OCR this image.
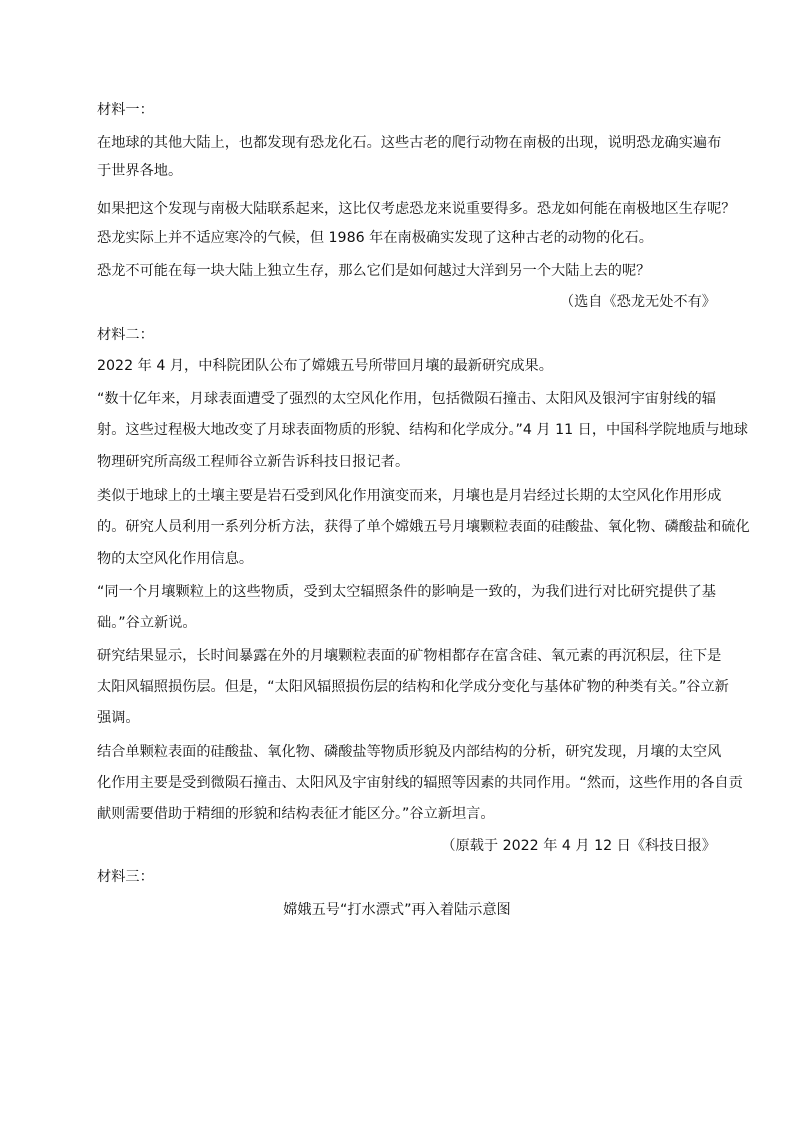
材料一：
在地球的其他大陆上，也都发现有恐龙化石。这些古老的爬行动物在南极的出现，说明恐龙确实遍布
于世界各地。
如果把这个发现与南极大陆联系起来，这比仅考虑恐龙来说重要得多。恐龙如何能在南极地区生存呢？
恐龙实际上并不适应寒冷的气候，但 1986 年在南极确实发现了这种古老的动物的化石。
恐龙不可能在每一块大陆上独立生存，那么它们是如何越过大洋到另一个大陆上去的呢？
（选自《恐龙无处不有》
材料二：
2022 年 4 月，中科院团队公布了嫦娥五号所带回月壤的最新研究成果。
“数十亿年来，月球表面遭受了强烈的太空风化作用，包括微陨石撞击、太阳风及银河宇宙射线的辐
射。这些过程极大地改变了月球表面物质的形貌、结构和化学成分。”4 月 11 日，中国科学院地质与地球
物理研究所高级工程师谷立新告诉科技日报记者。
类似于地球上的土壤主要是岩石受到风化作用演变而来，月壤也是月岩经过长期的太空风化作用形成
的。研究人员利用一系列分析方法，获得了单个嫦娥五号月壤颗粒表面的硅酸盐、氧化物、磷酸盐和硫化
物的太空风化作用信息。
“同一个月壤颗粒上的这些物质，受到太空辐照条件的影响是一致的，为我们进行对比研究提供了基
础。”谷立新说。
研究结果显示，长时间暴露在外的月壤颗粒表面的矿物相都存在富含硅、氧元素的再沉积层，往下是
太阳风辐照损伤层。但是，“太阳风辐照损伤层的结构和化学成分变化与基体矿物的种类有关。”谷立新
强调。
结合单颗粒表面的硅酸盐、氧化物、磷酸盐等物质形貌及内部结构的分析，研究发现，月壤的太空风
化作用主要是受到微陨石撞击、太阳风及宇宙射线的辐照等因素的共同作用。“然而，这些作用的各自贡
献则需要借助于精细的形貌和结构表征才能区分。”谷立新坦言。
（原载于 2022 年 4 月 12 日《科技日报》
材料三：
嫦娥五号“打水漂式”再入着陆示意图
